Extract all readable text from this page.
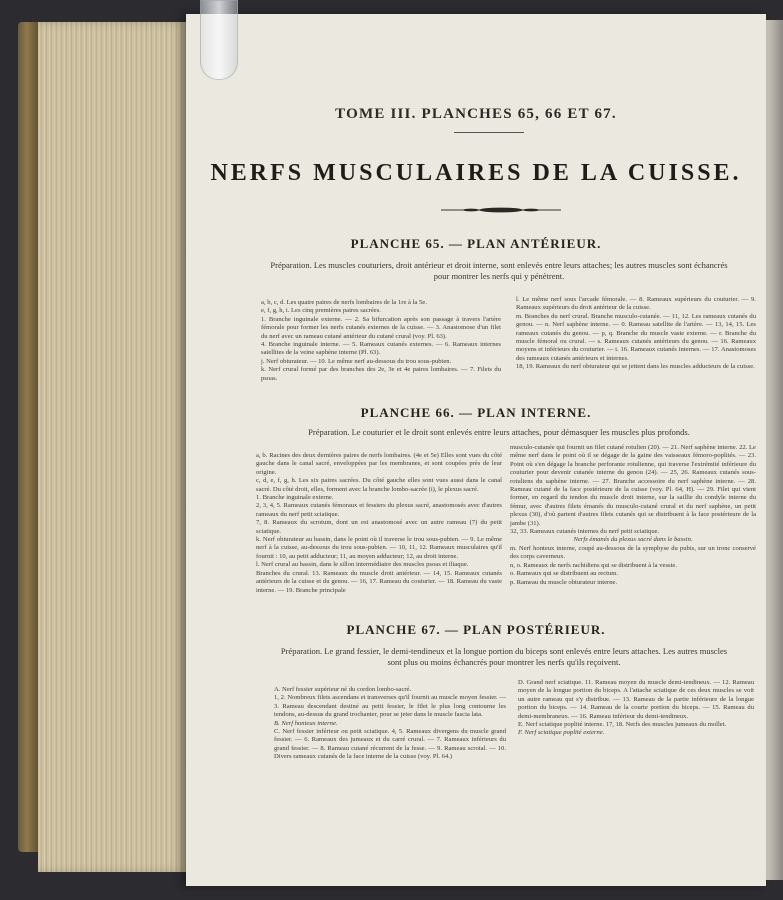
TOME III. PLANCHES 65, 66 ET 67.
NERFS MUSCULAIRES DE LA CUISSE.
PLANCHE 65. — PLAN ANTÉRIEUR.
Préparation. Les muscles couturiers, droit antérieur et droit interne, sont enlevés entre leurs attaches; les autres muscles sont échancrés pour montrer les nerfs qui y pénètrent.

a, b, c, d. Les quatre paires de nerfs lombaires de la 1re à la 5e.

e, f, g, h, i. Les cinq premières paires sacrées.

1. Branche inguinale externe. — 2. Sa bifurcation après son passage à travers l'artère fémorale pour former les nerfs cutanés externes de la cuisse. — 3. Anastomose d'un filet du nerf avec un rameau cutané antérieur du cutané crural (voy. Pl. 63).

4. Branche inguinale interne. — 5. Rameaux cutanés externes. — 6. Rameaux internes satellites de la veine saphène interne (Pl. 63).

j. Nerf obturateur. — 10. Le même nerf au-dessous du trou sous-pubien.

k. Nerf crural formé par des branches des 2e, 3e et 4e paires lombaires. — 7. Filets du psoas.

l. Le même nerf sous l'arcade fémorale. — 8. Rameaux supérieurs du couturier. — 9. Rameaux supérieurs du droit antérieur de la cuisse.

m. Branches du nerf crural. Branche musculo-cutanée. — 11, 12. Les rameaux cutanés du genou. — n. Nerf saphène interne. — 0. Rameau satellite de l'artère. — 13, 14, 15. Les rameaux cutanés du genou. — p, q. Branche du muscle vaste externe. — r. Branche du muscle fémoral ou crural. — s. Rameaux cutanés antérieurs du genou. — 16. Rameaux moyens et inférieurs du couturier. — t. 16. Rameaux cutanés internes. — 17. Anastomoses des rameaux cutanés antérieurs et internes.

18, 19. Rameaux du nerf obturateur qui se jettent dans les muscles adducteurs de la cuisse.

PLANCHE 66. — PLAN INTERNE.
Préparation. Le couturier et le droit sont enlevés entre leurs attaches, pour démasquer les muscles plus profonds.

a, b. Racines des deux dernières paires de nerfs lombaires. (4e et 5e) Elles sont vues du côté gauche dans le canal sacré, enveloppées par les membranes, et sont coupées près de leur origine.

c, d, e, f, g, h. Les six paires sacrées. Du côté gauche elles sont vues aussi dans le canal sacré. Du côté droit, elles, forment avec la branche lombo-sacrée (i), le plexus sacré.

1. Branche inguinale externe.

2, 3, 4, 5. Rameaux cutanés fémoraux et fessiers du plexus sacré, anastomosés avec d'autres rameaux du nerf petit sciatique.

7, 8. Rameaux du scrotum, dont un est anastomosé avec un autre rameau (7) du petit sciatique.

k. Nerf obturateur au bassin, dans le point où il traverse le trou sous-pubien. — 9. Le même nerf à la cuisse, au-dessous du trou sous-pubien. — 10, 11, 12. Rameaux musculaires qu'il fournit : 10, au petit adducteur; 11, au moyen adducteur; 12, au droit interne.

l. Nerf crural au bassin, dans le sillon intermédiaire des muscles psoas et iliaque.

Branches du crural. 13. Rameaux du muscle droit antérieur. — 14, 15. Rameaux cutanés antérieurs de la cuisse et du genou. — 16, 17. Rameau du couturier. — 18. Rameau du vaste interne. — 19. Branche principale

musculo-cutanée qui fournit un filet cutané rotulien (20). — 21. Nerf saphène interne. 22. Le même nerf dans le point où il se dégage de la gaine des vaisseaux fémoro-poplités. — 23. Point où s'en dégage la branche perforante rotulienne, qui traverse l'extrémité inférieure du couturier pour devenir cutanée interne du genou (24). — 25, 26. Rameaux cutanés sous-rotuliens du saphène interne. — 27. Branche accessoire du nerf saphène interne. — 28. Rameau cutané de la face postérieure de la cuisse (voy. Pl. 64, H). — 29. Filet qui vient former, en regard du tendon du muscle droit interne, sur la saillie du condyle interne du fémur, avec d'autres filets émanés du musculo-cutané crural et du nerf saphène, un petit plexus (30), d'où partent d'autres filets cutanés qui se distribuent à la face postérieure de la jambe (31).

32, 33. Rameaux cutanés internes du nerf petit sciatique.

Nerfs émanés du plexus sacré dans le bassin.

m. Nerf honteux interne, coupé au-dessous de la symphyse du pubis, sur un tronc conservé des corps caverneux.

n, o. Rameaux de nerfs rachidiens qui se distribuent à la vessie.

o. Rameaux qui se distribuent au rectum.

p. Rameau du muscle obturateur interne.

PLANCHE 67. — PLAN POSTÉRIEUR.
Préparation. Le grand fessier, le demi-tendineux et la longue portion du biceps sont enlevés entre leurs attaches. Les autres muscles sont plus ou moins échancrés pour montrer les nerfs qu'ils reçoivent.

A. Nerf fessier supérieur né du cordon lombo-sacré.

1, 2. Nombreux filets ascendans et transverses qu'il fournit au muscle moyen fessier. — 3. Rameau descendant destiné au petit fessier, le filet le plus long contourne les tendons, au-dessus du grand trochanter, pour se jeter dans le muscle fascia lata.

B. Nerf honteux interne.

C. Nerf fessier inférieur ou petit sciatique. 4, 5. Rameaux divergens du muscle grand fessier. — 6. Rameaux des jumeaux et du carré crural. — 7. Rameaux inférieurs du grand fessier. — 8. Rameau cutané récurrent de la fesse. — 9. Rameau scrotal. — 10. Divers rameaux cutanés de la face interne de la cuisse (voy. Pl. 64.)

D. Grand nerf sciatique. 11. Rameau moyen du muscle demi-tendineux. — 12. Rameau moyen de la longue portion du biceps. A l'attache sciatique de ces deux muscles se voit un autre rameau qui s'y distribue. — 13. Rameau de la partie inférieure de la longue portion du biceps. — 14. Rameau de la courte portion du biceps. — 15. Rameau du demi-membraneux. — 16. Rameau inférieur du demi-tendineux.

E. Nerf sciatique poplité interne. 17, 18. Nerfs des muscles jumeaux du mollet.

F. Nerf sciatique poplité externe.
